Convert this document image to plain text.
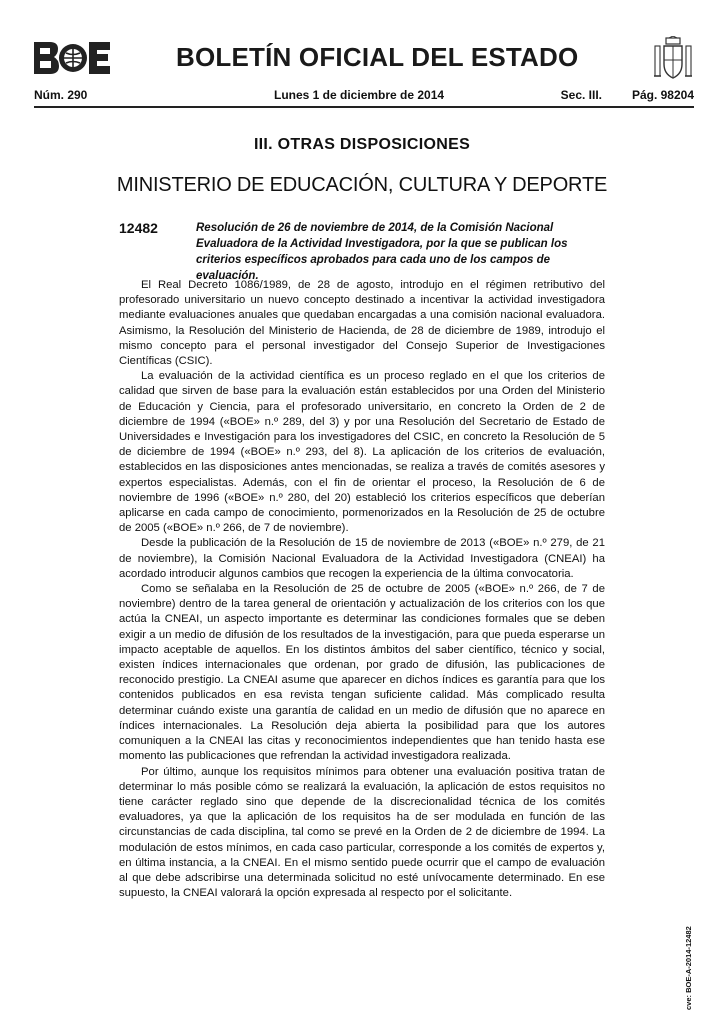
BOLETÍN OFICIAL DEL ESTADO
Núm. 290	Lunes 1 de diciembre de 2014	Sec. III. Pág. 98204
III. OTRAS DISPOSICIONES
MINISTERIO DE EDUCACIÓN, CULTURA Y DEPORTE
12482	Resolución de 26 de noviembre de 2014, de la Comisión Nacional Evaluadora de la Actividad Investigadora, por la que se publican los criterios específicos aprobados para cada uno de los campos de evaluación.

El Real Decreto 1086/1989, de 28 de agosto, introdujo en el régimen retributivo del profesorado universitario un nuevo concepto destinado a incentivar la actividad investigadora mediante evaluaciones anuales que quedaban encargadas a una comisión nacional evaluadora. Asimismo, la Resolución del Ministerio de Hacienda, de 28 de diciembre de 1989, introdujo el mismo concepto para el personal investigador del Consejo Superior de Investigaciones Científicas (CSIC).

La evaluación de la actividad científica es un proceso reglado en el que los criterios de calidad que sirven de base para la evaluación están establecidos por una Orden del Ministerio de Educación y Ciencia, para el profesorado universitario, en concreto la Orden de 2 de diciembre de 1994 («BOE» n.º 289, del 3) y por una Resolución del Secretario de Estado de Universidades e Investigación para los investigadores del CSIC, en concreto la Resolución de 5 de diciembre de 1994 («BOE» n.º 293, del 8). La aplicación de los criterios de evaluación, establecidos en las disposiciones antes mencionadas, se realiza a través de comités asesores y expertos especialistas. Además, con el fin de orientar el proceso, la Resolución de 6 de noviembre de 1996 («BOE» n.º 280, del 20) estableció los criterios específicos que deberían aplicarse en cada campo de conocimiento, pormenorizados en la Resolución de 25 de octubre de 2005 («BOE» n.º 266, de 7 de noviembre).

Desde la publicación de la Resolución de 15 de noviembre de 2013 («BOE» n.º 279, de 21 de noviembre), la Comisión Nacional Evaluadora de la Actividad Investigadora (CNEAI) ha acordado introducir algunos cambios que recogen la experiencia de la última convocatoria.

Como se señalaba en la Resolución de 25 de octubre de 2005 («BOE» n.º 266, de 7 de noviembre) dentro de la tarea general de orientación y actualización de los criterios con los que actúa la CNEAI, un aspecto importante es determinar las condiciones formales que se deben exigir a un medio de difusión de los resultados de la investigación, para que pueda esperarse un impacto aceptable de aquellos. En los distintos ámbitos del saber científico, técnico y social, existen índices internacionales que ordenan, por grado de difusión, las publicaciones de reconocido prestigio. La CNEAI asume que aparecer en dichos índices es garantía para que los contenidos publicados en esa revista tengan suficiente calidad. Más complicado resulta determinar cuándo existe una garantía de calidad en un medio de difusión que no aparece en índices internacionales. La Resolución deja abierta la posibilidad para que los autores comuniquen a la CNEAI las citas y reconocimientos independientes que han tenido hasta ese momento las publicaciones que refrendan la actividad investigadora realizada.

Por último, aunque los requisitos mínimos para obtener una evaluación positiva tratan de determinar lo más posible cómo se realizará la evaluación, la aplicación de estos requisitos no tiene carácter reglado sino que depende de la discrecionalidad técnica de los comités evaluadores, ya que la aplicación de los requisitos ha de ser modulada en función de las circunstancias de cada disciplina, tal como se prevé en la Orden de 2 de diciembre de 1994. La modulación de estos mínimos, en cada caso particular, corresponde a los comités de expertos y, en última instancia, a la CNEAI. En el mismo sentido puede ocurrir que el campo de evaluación al que debe adscribirse una determinada solicitud no esté unívocamente determinado. En ese supuesto, la CNEAI valorará la opción expresada al respecto por el solicitante.

cve: BOE-A-2014-12482
